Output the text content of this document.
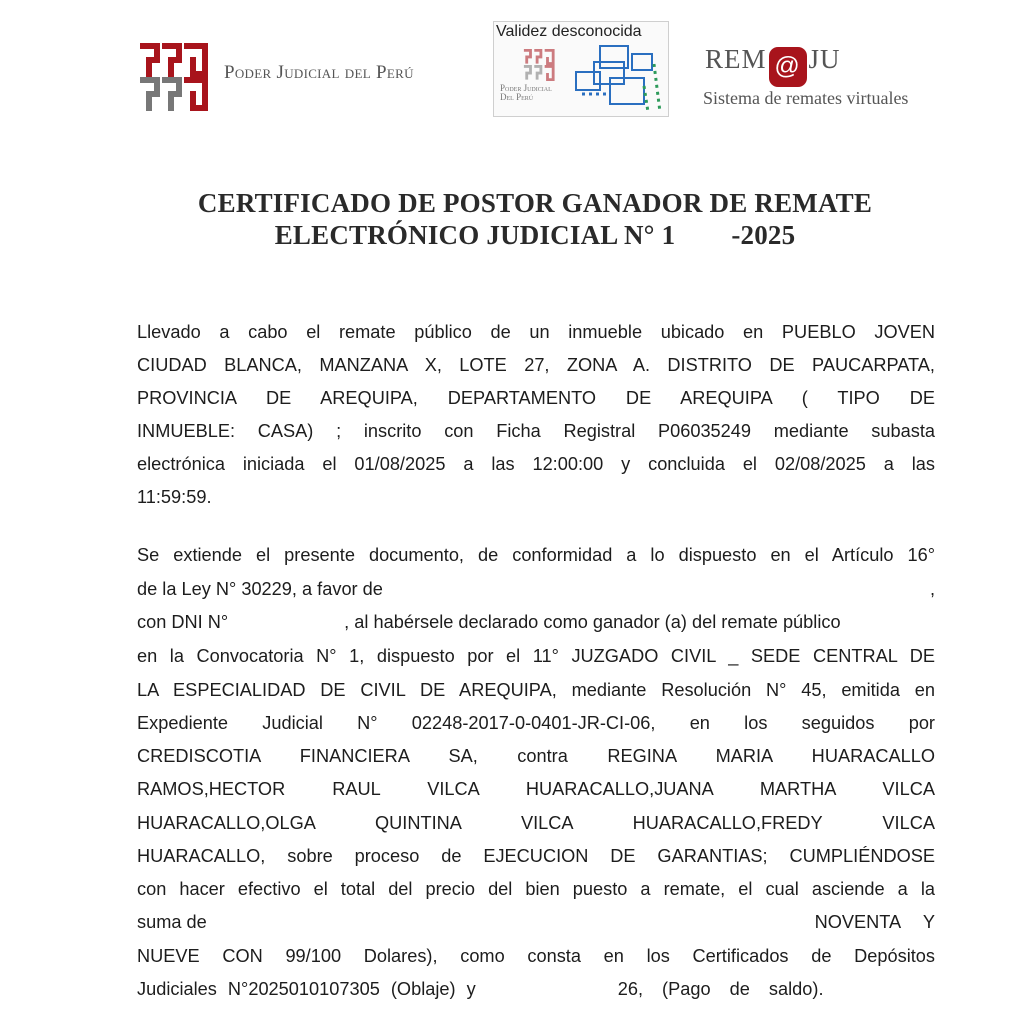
Poder Judicial del Perú
Validez desconocida
Poder Judicial
Del Perú
REM @ JU
Sistema de remates virtuales
CERTIFICADO DE POSTOR GANADOR DE REMATE
ELECTRÓNICO JUDICIAL N° 1 -2025
Llevado a cabo el remate público de un inmueble ubicado en PUEBLO JOVEN
CIUDAD BLANCA, MANZANA X, LOTE 27, ZONA A. DISTRITO DE PAUCARPATA,
PROVINCIA DE AREQUIPA, DEPARTAMENTO DE AREQUIPA ( TIPO DE
INMUEBLE: CASA) ; inscrito con Ficha Registral P06035249 mediante subasta
electrónica iniciada el 01/08/2025 a las 12:00:00 y concluida el 02/08/2025 a las
11:59:59.
Se extiende el presente documento, de conformidad a lo dispuesto en el Artículo 16°
de la Ley N° 30229, a favor de	,
con DNI N°	, al habérsele declarado como ganador (a) del remate público
en la Convocatoria N° 1, dispuesto por el 11° JUZGADO CIVIL _ SEDE CENTRAL DE
LA ESPECIALIDAD DE CIVIL DE AREQUIPA, mediante Resolución N° 45, emitida en
Expediente Judicial N° 02248-2017-0-0401-JR-CI-06, en los seguidos por
CREDISCOTIA FINANCIERA SA, contra REGINA MARIA HUARACALLO
RAMOS,HECTOR RAUL VILCA HUARACALLO,JUANA MARTHA VILCA
HUARACALLO,OLGA QUINTINA VILCA HUARACALLO,FREDY VILCA
HUARACALLO, sobre proceso de EJECUCION DE GARANTIAS; CUMPLIÉNDOSE
con hacer efectivo el total del precio del bien puesto a remate, el cual asciende a la
suma de	NOVENTA Y
NUEVE CON 99/100 Dolares), como consta en los Certificados de Depósitos
Judiciales N°2025010107305 (Oblaje) y	26, (Pago de saldo).
